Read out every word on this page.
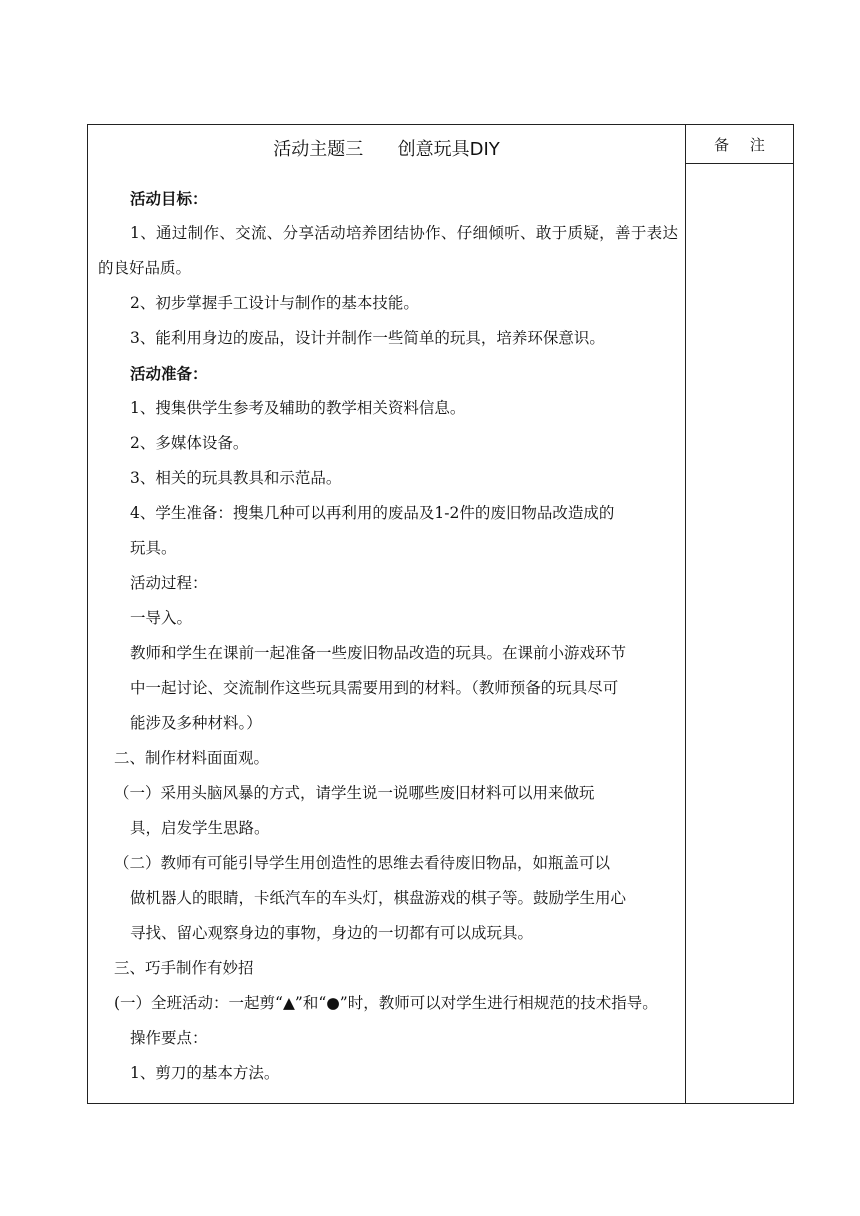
备 注
活动主题三      创意玩具DIY

活动目标：

1、通过制作、交流、分享活动培养团结协作、仔细倾听、敢于质疑，善于表达的良好品质。

2、初步掌握手工设计与制作的基本技能。

3、能利用身边的废品，设计并制作一些简单的玩具，培养环保意识。

活动准备：

1、搜集供学生参考及辅助的教学相关资料信息。

2、多媒体设备。

3、相关的玩具教具和示范品。

4、学生准备：搜集几种可以再利用的废品及1-2件的废旧物品改造成的

玩具。

活动过程：

一导入。

教师和学生在课前一起准备一些废旧物品改造的玩具。在课前小游戏环节

中一起讨论、交流制作这些玩具需要用到的材料。（教师预备的玩具尽可

能涉及多种材料。）

二、制作材料面面观。

（一）采用头脑风暴的方式，请学生说一说哪些废旧材料可以用来做玩

具，启发学生思路。

（二）教师有可能引导学生用创造性的思维去看待废旧物品，如瓶盖可以

做机器人的眼睛，卡纸汽车的车头灯，棋盘游戏的棋子等。鼓励学生用心

寻找、留心观察身边的事物，身边的一切都有可以成玩具。

三、巧手制作有妙招

(一）全班活动：一起剪“▲”和“●”时，教师可以对学生进行相规范的技术指导。

操作要点：

1、剪刀的基本方法。
